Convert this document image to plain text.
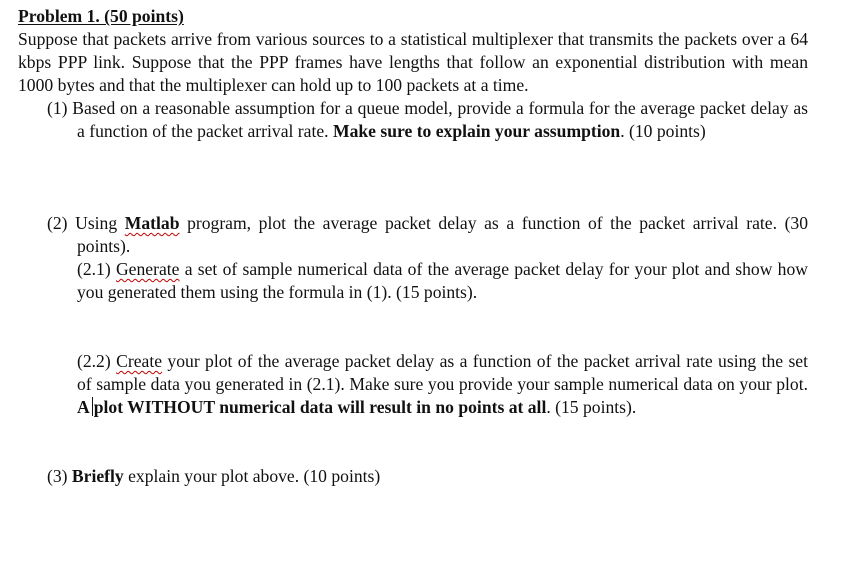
Problem 1. (50 points)

Suppose that packets arrive from various sources to a statistical multiplexer that transmits the packets over a 64 kbps PPP link. Suppose that the PPP frames have lengths that follow an exponential distribution with mean 1000 bytes and that the multiplexer can hold up to 100 packets at a time.

(1) Based on a reasonable assumption for a queue model, provide a formula for the average packet delay as a function of the packet arrival rate. Make sure to explain your assumption. (10 points)

(2) Using Matlab program, plot the average packet delay as a function of the packet arrival rate. (30 points).

(2.1) Generate a set of sample numerical data of the average packet delay for your plot and show how you generated them using the formula in (1). (15 points).

(2.2) Create your plot of the average packet delay as a function of the packet arrival rate using the set of sample data you generated in (2.1). Make sure you provide your sample numerical data on your plot. A plot WITHOUT numerical data will result in no points at all. (15 points).

(3) Briefly explain your plot above. (10 points)
